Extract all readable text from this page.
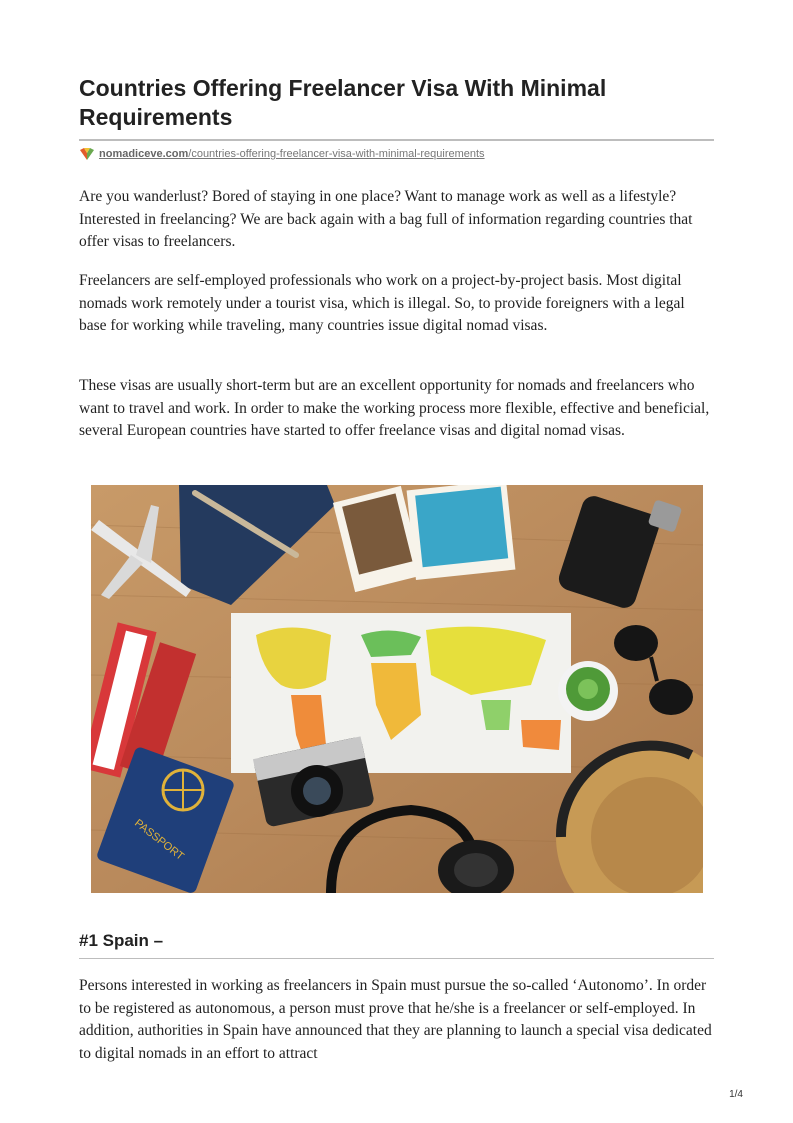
Countries Offering Freelancer Visa With Minimal Requirements
nomadiceve.com/countries-offering-freelancer-visa-with-minimal-requirements

Are you wanderlust? Bored of staying in one place? Want to manage work as well as a lifestyle? Interested in freelancing? We are back again with a bag full of information regarding countries that offer visas to freelancers.

Freelancers are self-employed professionals who work on a project-by-project basis. Most digital nomads work remotely under a tourist visa, which is illegal. So, to provide foreigners with a legal base for working while traveling, many countries issue digital nomad visas.

These visas are usually short-term but are an excellent opportunity for nomads and freelancers who want to travel and work. In order to make the working process more flexible, effective and beneficial, several European countries have started to offer freelance visas and digital nomad visas.

PASSPORT
#1 Spain –

Persons interested in working as freelancers in Spain must pursue the so-called ‘Autonomo’. In order to be registered as autonomous, a person must prove that he/she is a freelancer or self-employed. In addition, authorities in Spain have announced that they are planning to launch a special visa dedicated to digital nomads in an effort to attract

1/4
